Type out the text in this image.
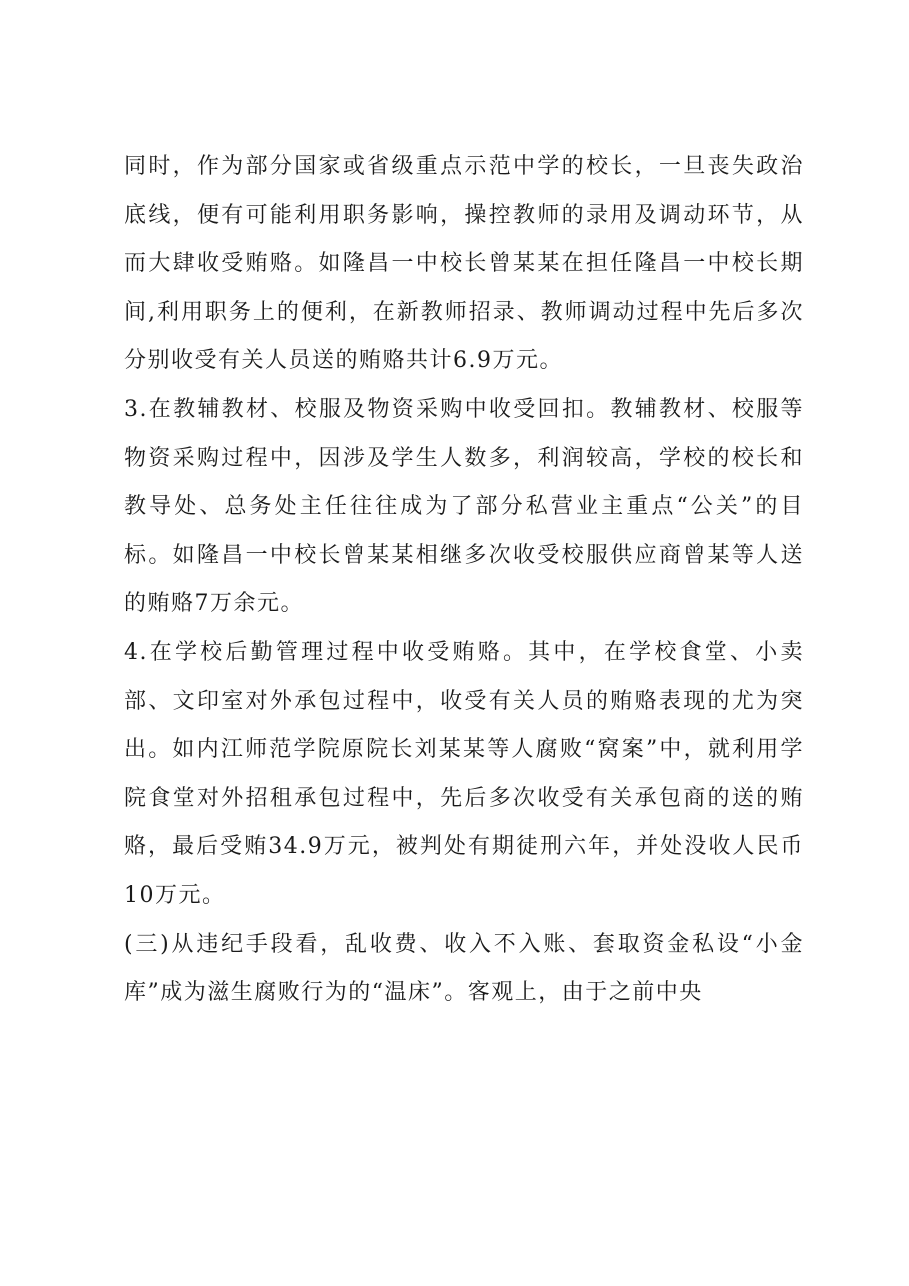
同时，作为部分国家或省级重点示范中学的校长，一旦丧失政治底线，便有可能利用职务影响，操控教师的录用及调动环节，从而大肆收受贿赂。如隆昌一中校长曾某某在担任隆昌一中校长期间,利用职务上的便利，在新教师招录、教师调动过程中先后多次分别收受有关人员送的贿赂共计6.9万元。

3.在教辅教材、校服及物资采购中收受回扣。教辅教材、校服等物资采购过程中，因涉及学生人数多，利润较高，学校的校长和教导处、总务处主任往往成为了部分私营业主重点“公关”的目标。如隆昌一中校长曾某某相继多次收受校服供应商曾某等人送的贿赂7万余元。

4.在学校后勤管理过程中收受贿赂。其中，在学校食堂、小卖部、文印室对外承包过程中，收受有关人员的贿赂表现的尤为突出。如内江师范学院原院长刘某某等人腐败“窝案”中，就利用学院食堂对外招租承包过程中，先后多次收受有关承包商的送的贿赂，最后受贿34.9万元，被判处有期徒刑六年，并处没收人民币10万元。

(三)从违纪手段看，乱收费、收入不入账、套取资金私设“小金库”成为滋生腐败行为的“温床”。客观上，由于之前中央
